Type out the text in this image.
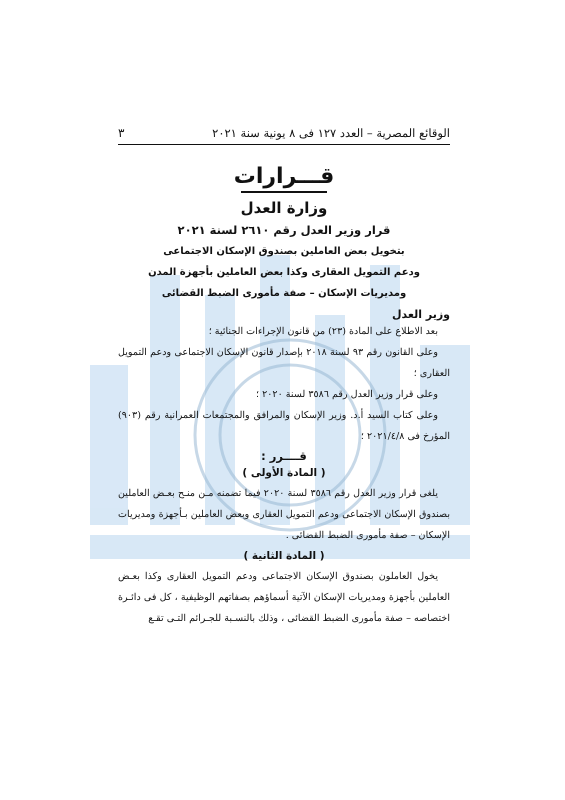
الوقائع المصرية – العدد ١٢٧ فى ٨ يونية سنة ٢٠٢١
٣
قـــرارات
وزارة العدل
قرار وزير العدل رقم ٢٦١٠ لسنة ٢٠٢١
بتخويل بعض العاملين بصندوق الإسكان الاجتماعى
ودعم التمويل العقارى وكذا بعض العاملين بأجهزة المدن
ومديريات الإسكان – صفة مأمورى الضبط القضائى
وزير العدل

بعد الاطلاع على المادة (٢٣) من قانون الإجراءات الجنائية ؛

وعلى القانون رقم ٩٣ لسنة ٢٠١٨ بإصدار قانون الإسكان الاجتماعى ودعم التمويل العقارى ؛

وعلى قرار وزير العدل رقم ٣٥٨٦ لسنة ٢٠٢٠ ؛

وعلى كتاب السيد أ.د. وزير الإسكان والمرافق والمجتمعات العمرانية رقم (٩٠٣) المؤرخ فى ٢٠٢١/٤/٨ ؛

قــــرر :
( المادة الأولى )

يلغى قرار وزير العدل رقم ٣٥٨٦ لسنة ٢٠٢٠ فيما تضمنه مـن منـح بعـض العاملين بصندوق الإسكان الاجتماعى ودعم التمويل العقارى وبعض العاملين بـأجهزة ومديريات الإسكان – صفة مأمورى الضبط القضائى .

( المادة الثانية )

يخول العاملون بصندوق الإسكان الاجتماعى ودعم التمويل العقارى وكذا بعـض العاملين بأجهزة ومديريات الإسكان الآتية أسماؤهم بصفاتهم الوظيفية ، كل فى دائـرة اختصاصه – صفة مأمورى الضبط القضائى ، وذلك بالنسـبة للجـرائم التـى تقـع
